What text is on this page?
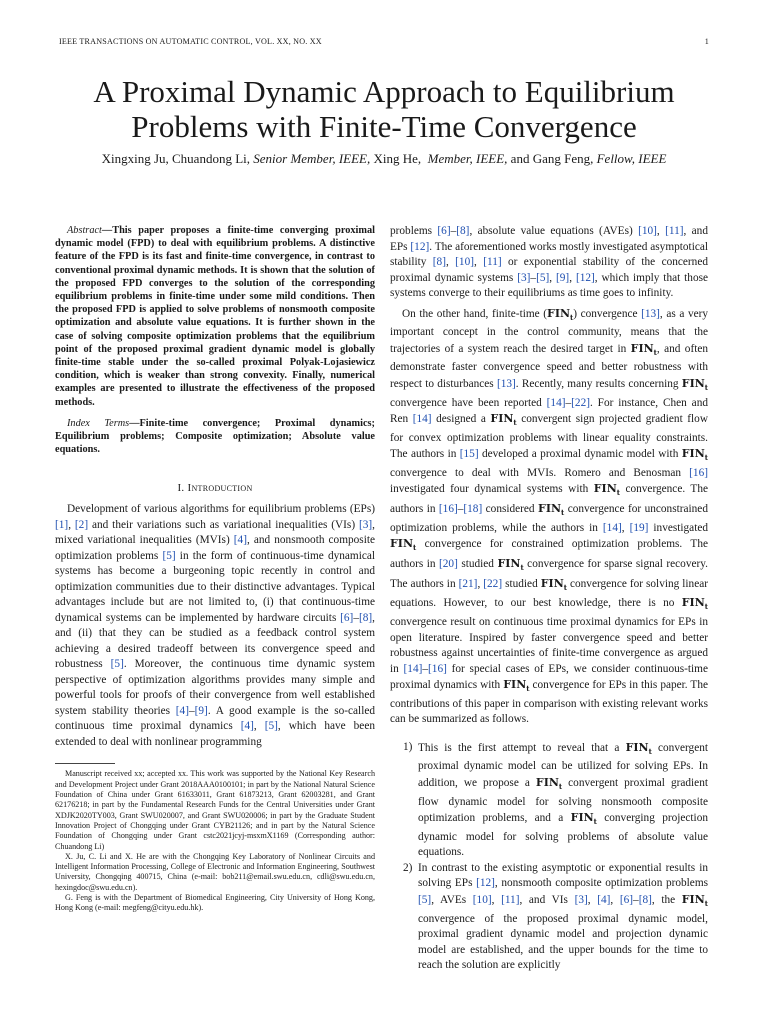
IEEE TRANSACTIONS ON AUTOMATIC CONTROL, VOL. XX, NO. XX	1
A Proximal Dynamic Approach to Equilibrium
Problems with Finite-Time Convergence
Xingxing Ju, Chuandong Li, Senior Member, IEEE, Xing He, Member, IEEE, and Gang Feng, Fellow, IEEE

Abstract—This paper proposes a finite-time converging proximal dynamic model (FPD) to deal with equilibrium problems. A distinctive feature of the FPD is its fast and finite-time convergence, in contrast to conventional proximal dynamic methods. It is shown that the solution of the proposed FPD converges to the solution of the corresponding equilibrium problems in finite-time under some mild conditions. Then the proposed FPD is applied to solve problems of nonsmooth composite optimization and absolute value equations. It is further shown in the case of solving composite optimization problems that the equilibrium point of the proposed proximal gradient dynamic model is globally finite-time stable under the so-called proximal Polyak-Lojasiewicz condition, which is weaker than strong convexity. Finally, numerical examples are presented to illustrate the effectiveness of the proposed methods.

Index Terms—Finite-time convergence; Proximal dynamics; Equilibrium problems; Composite optimization; Absolute value equations.

I. Introduction

Development of various algorithms for equilibrium problems (EPs) [1], [2] and their variations such as variational inequalities (VIs) [3], mixed variational inequalities (MVIs) [4], and nonsmooth composite optimization problems [5] in the form of continuous-time dynamical systems has become a burgeoning topic recently in control and optimization communities due to their distinctive advantages. Typical advantages include but are not limited to, (i) that continuous-time dynamical systems can be implemented by hardware circuits [6]–[8], and (ii) that they can be studied as a feedback control system achieving a desired tradeoff between its convergence speed and robustness [5]. Moreover, the continuous time dynamic system perspective of optimization algorithms provides many simple and powerful tools for proofs of their convergence from well established system stability theories [4]–[9]. A good example is the so-called continuous time proximal dynamics [4], [5], which have been extended to deal with nonlinear programming

Manuscript received xx; accepted xx. This work was supported by the National Key Research and Development Project under Grant 2018AAA0100101; in part by the National Natural Science Foundation of China under Grant 61633011, Grant 61873213, Grant 62003281, and Grant 62176218; in part by the Fundamental Research Funds for the Central Universities under Grant XDJK2020TY003, Grant SWU020007, and Grant SWU020006; in part by the Graduate Student Innovation Project of Chongqing under Grant CYB21126; and in part by the Natural Science Foundation of Chongqing under Grant cstc2021jcyj-msxmX1169 (Corresponding author: Chuandong Li)

X. Ju, C. Li and X. He are with the Chongqing Key Laboratory of Nonlinear Circuits and Intelligent Information Processing, College of Electronic and Information Engineering, Southwest University, Chongqing 400715, China (e-mail: bob211@email.swu.edu.cn, cdli@swu.edu.cn, hexingdoc@swu.edu.cn).

G. Feng is with the Department of Biomedical Engineering, City University of Hong Kong, Hong Kong (e-mail: megfeng@cityu.edu.hk).

problems [6]–[8], absolute value equations (AVEs) [10], [11], and EPs [12]. The aforementioned works mostly investigated asymptotical stability [8], [10], [11] or exponential stability of the concerned proximal dynamic systems [3]–[5], [9], [12], which imply that those systems converge to their equilibriums as time goes to infinity.

On the other hand, finite-time $(FIN_t)$ convergence [13], as a very important concept in the control community, means that the trajectories of a system reach the desired target in $FIN_t$, and often demonstrate faster convergence speed and better robustness with respect to disturbances [13]. Recently, many results concerning $FIN_t$ convergence have been reported [14]–[22]. For instance, Chen and Ren [14] designed a $FIN_t$ convergent sign projected gradient flow for convex optimization problems with linear equality constraints. The authors in [15] developed a proximal dynamic model with $FIN_t$ convergence to deal with MVIs. Romero and Benosman [16] investigated four dynamical systems with $FIN_t$ convergence. The authors in [16]–[18] considered $FIN_t$ convergence for unconstrained optimization problems, while the authors in [14], [19] investigated $FIN_t$ convergence for constrained optimization problems. The authors in [20] studied $FIN_t$ convergence for sparse signal recovery. The authors in [21], [22] studied $FIN_t$ convergence for solving linear equations. However, to our best knowledge, there is no $FIN_t$ convergence result on continuous time proximal dynamics for EPs in open literature. Inspired by faster convergence speed and better robustness against uncertainties of finite-time convergence as argued in [14]–[16] for special cases of EPs, we consider continuous-time proximal dynamics with $FIN_t$ convergence for EPs in this paper. The contributions of this paper in comparison with existing relevant works can be summarized as follows.

1) This is the first attempt to reveal that a $FIN_t$ convergent proximal dynamic model can be utilized for solving EPs. In addition, we propose a $FIN_t$ convergent proximal gradient flow dynamic model for solving nonsmooth composite optimization problems, and a $FIN_t$ converging projection dynamic model for solving problems of absolute value equations.
2) In contrast to the existing asymptotic or exponential results in solving EPs [12], nonsmooth composite optimization problems [5], AVEs [10], [11], and VIs [3], [4], [6]–[8], the $FIN_t$ convergence of the proposed proximal dynamic model, proximal gradient dynamic model and projection dynamic model are established, and the upper bounds for the time to reach the solution are explicitly
